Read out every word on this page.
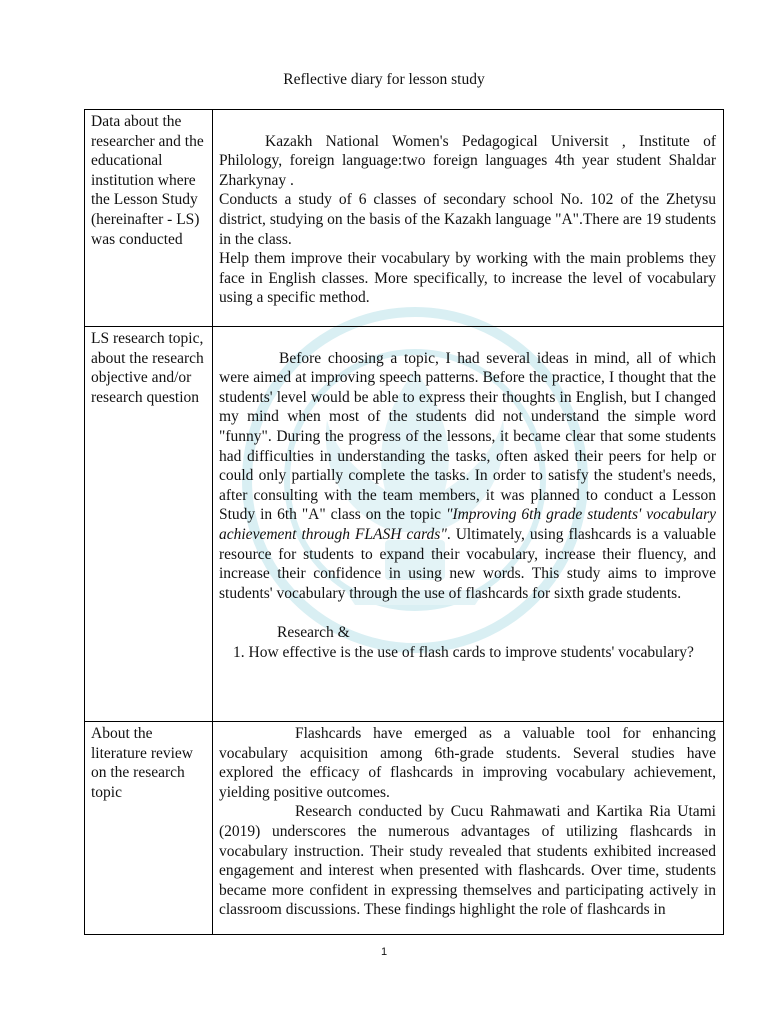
Reflective diary for lesson study
Data about the researcher and the educational institution where the Lesson Study (hereinafter - LS) was conducted	Kazakh National Women's Pedagogical Universit , Institute of Philology, foreign language:two foreign languages 4th year student Shaldar Zharkynay .

Conducts a study of 6 classes of secondary school No. 102 of the Zhetysu district, studying on the basis of the Kazakh language "A".There are 19 students in the class.

Help them improve their vocabulary by working with the main problems they face in English classes. More specifically, to increase the level of vocabulary using a specific method.

LS research topic, about the research objective and/or research question	Before choosing a topic, I had several ideas in mind, all of which were aimed at improving speech patterns. Before the practice, I thought that the students' level would be able to express their thoughts in English, but I changed my mind when most of the students did not understand the simple word "funny". During the progress of the lessons, it became clear that some students had difficulties in understanding the tasks, often asked their peers for help or could only partially complete the tasks. In order to satisfy the student's needs, after consulting with the team members, it was planned to conduct a Lesson Study in 6th "A" class on the topic "Improving 6th grade students' vocabulary achievement through FLASH cards". Ultimately, using flashcards is a valuable resource for students to expand their vocabulary, increase their fluency, and increase their confidence in using new words. This study aims to improve students' vocabulary through the use of flashcards for sixth grade students.

Research &

1. How effective is the use of flash cards to improve students' vocabulary?

About the literature review on the research topic	Flashcards have emerged as a valuable tool for enhancing vocabulary acquisition among 6th-grade students. Several studies have explored the efficacy of flashcards in improving vocabulary achievement, yielding positive outcomes.

Research conducted by Cucu Rahmawati and Kartika Ria Utami (2019) underscores the numerous advantages of utilizing flashcards in vocabulary instruction. Their study revealed that students exhibited increased engagement and interest when presented with flashcards. Over time, students became more confident in expressing themselves and participating actively in classroom discussions. These findings highlight the role of flashcards in

1
